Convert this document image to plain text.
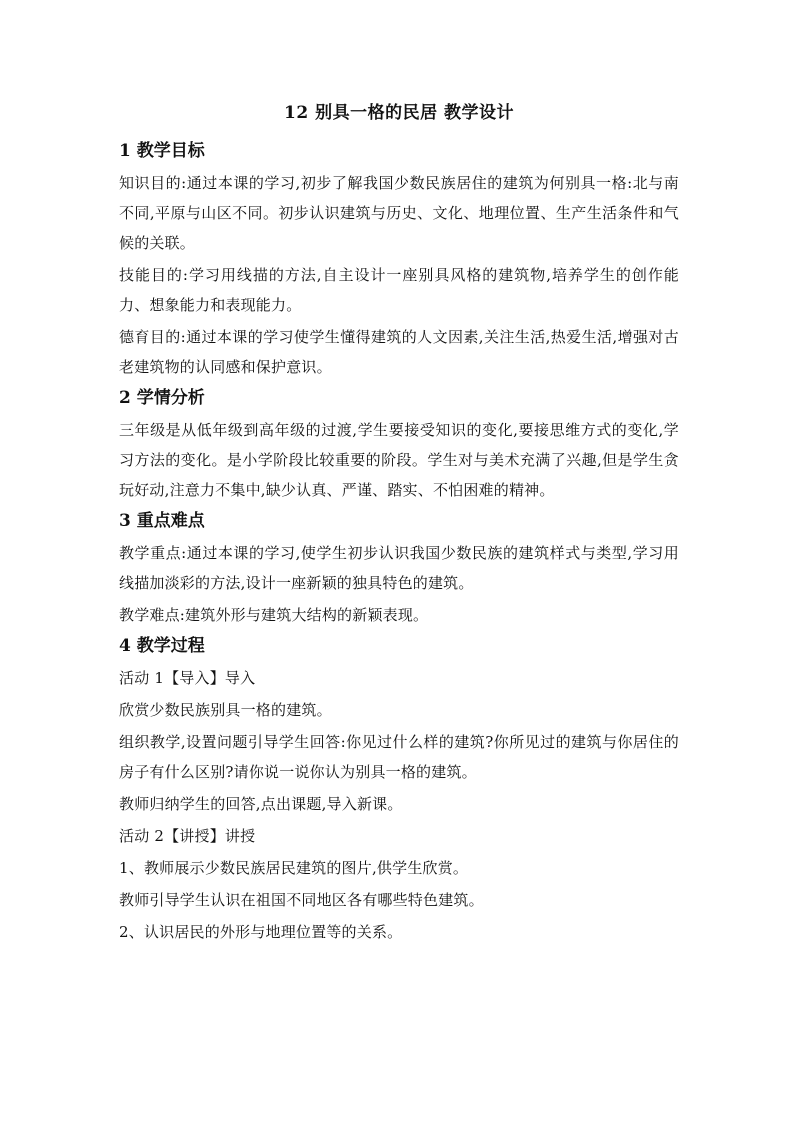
12 别具一格的民居 教学设计
1 教学目标

知识目的:通过本课的学习,初步了解我国少数民族居住的建筑为何别具一格:北与南不同,平原与山区不同。初步认识建筑与历史、文化、地理位置、生产生活条件和气候的关联。

技能目的:学习用线描的方法,自主设计一座别具风格的建筑物,培养学生的创作能力、想象能力和表现能力。

德育目的:通过本课的学习使学生懂得建筑的人文因素,关注生活,热爱生活,增强对古老建筑物的认同感和保护意识。

2 学情分析

三年级是从低年级到高年级的过渡,学生要接受知识的变化,要接思维方式的变化,学习方法的变化。是小学阶段比较重要的阶段。学生对与美术充满了兴趣,但是学生贪玩好动,注意力不集中,缺少认真、严谨、踏实、不怕困难的精神。

3 重点难点

教学重点:通过本课的学习,使学生初步认识我国少数民族的建筑样式与类型,学习用线描加淡彩的方法,设计一座新颖的独具特色的建筑。

教学难点:建筑外形与建筑大结构的新颖表现。

4 教学过程

活动 1【导入】导入

欣赏少数民族别具一格的建筑。

组织教学,设置问题引导学生回答:你见过什么样的建筑?你所见过的建筑与你居住的房子有什么区别?请你说一说你认为别具一格的建筑。

教师归纳学生的回答,点出课题,导入新课。

活动 2【讲授】讲授

1、教师展示少数民族居民建筑的图片,供学生欣赏。

教师引导学生认识在祖国不同地区各有哪些特色建筑。

2、认识居民的外形与地理位置等的关系。
